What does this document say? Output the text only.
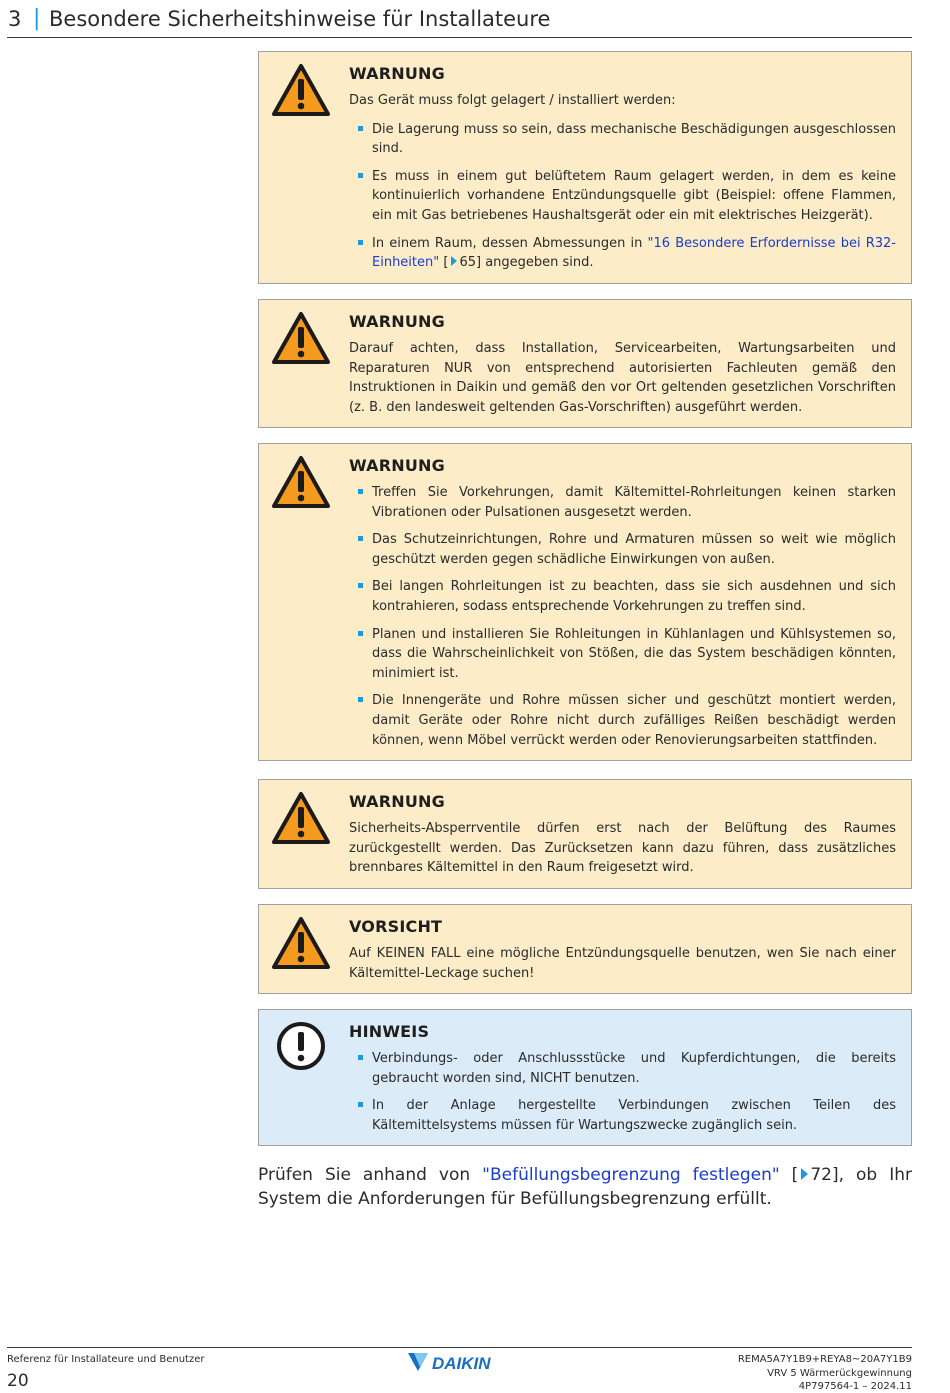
3 | Besondere Sicherheitshinweise für Installateure
WARNUNG

Das Gerät muss folgt gelagert / installiert werden:

Die Lagerung muss so sein, dass mechanische Beschädigungen ausgeschlossen sind.
Es muss in einem gut belüftetem Raum gelagert werden, in dem es keine kontinuierlich vorhandene Entzündungsquelle gibt (Beispiel: offene Flammen, ein mit Gas betriebenes Haushaltsgerät oder ein mit elektrisches Heizgerät).
In einem Raum, dessen Abmessungen in "16 Besondere Erfordernisse bei R32-Einheiten" [ 65] angegeben sind.
WARNUNG

Darauf achten, dass Installation, Servicearbeiten, Wartungsarbeiten und Reparaturen NUR von entsprechend autorisierten Fachleuten gemäß den Instruktionen in Daikin und gemäß den vor Ort geltenden gesetzlichen Vorschriften (z. B. den landesweit geltenden Gas-Vorschriften) ausgeführt werden.

WARNUNG
Treffen Sie Vorkehrungen, damit Kältemittel-Rohrleitungen keinen starken Vibrationen oder Pulsationen ausgesetzt werden.
Das Schutzeinrichtungen, Rohre und Armaturen müssen so weit wie möglich geschützt werden gegen schädliche Einwirkungen von außen.
Bei langen Rohrleitungen ist zu beachten, dass sie sich ausdehnen und sich kontrahieren, sodass entsprechende Vorkehrungen zu treffen sind.
Planen und installieren Sie Rohleitungen in Kühlanlagen und Kühlsystemen so, dass die Wahrscheinlichkeit von Stößen, die das System beschädigen könnten, minimiert ist.
Die Innengeräte und Rohre müssen sicher und geschützt montiert werden, damit Geräte oder Rohre nicht durch zufälliges Reißen beschädigt werden können, wenn Möbel verrückt werden oder Renovierungsarbeiten stattfinden.
WARNUNG

Sicherheits-Absperrventile dürfen erst nach der Belüftung des Raumes zurückgestellt werden. Das Zurücksetzen kann dazu führen, dass zusätzliches brennbares Kältemittel in den Raum freigesetzt wird.

VORSICHT

Auf KEINEN FALL eine mögliche Entzündungsquelle benutzen, wen Sie nach einer Kältemittel-Leckage suchen!

HINWEIS
Verbindungs- oder Anschlussstücke und Kupferdichtungen, die bereits gebraucht worden sind, NICHT benutzen.
In der Anlage hergestellte Verbindungen zwischen Teilen des Kältemittelsystems müssen für Wartungszwecke zugänglich sein.

Prüfen Sie anhand von "Befüllungsbegrenzung festlegen" [ 72], ob Ihr System die Anforderungen für Befüllungsbegrenzung erfüllt.

Referenz für Installateure und Benutzer
20
DAIKIN	REMA5A7Y1B9+REYA8~20A7Y1B9
VRV 5 Wärmerückgewinnung
4P797564-1 – 2024.11
